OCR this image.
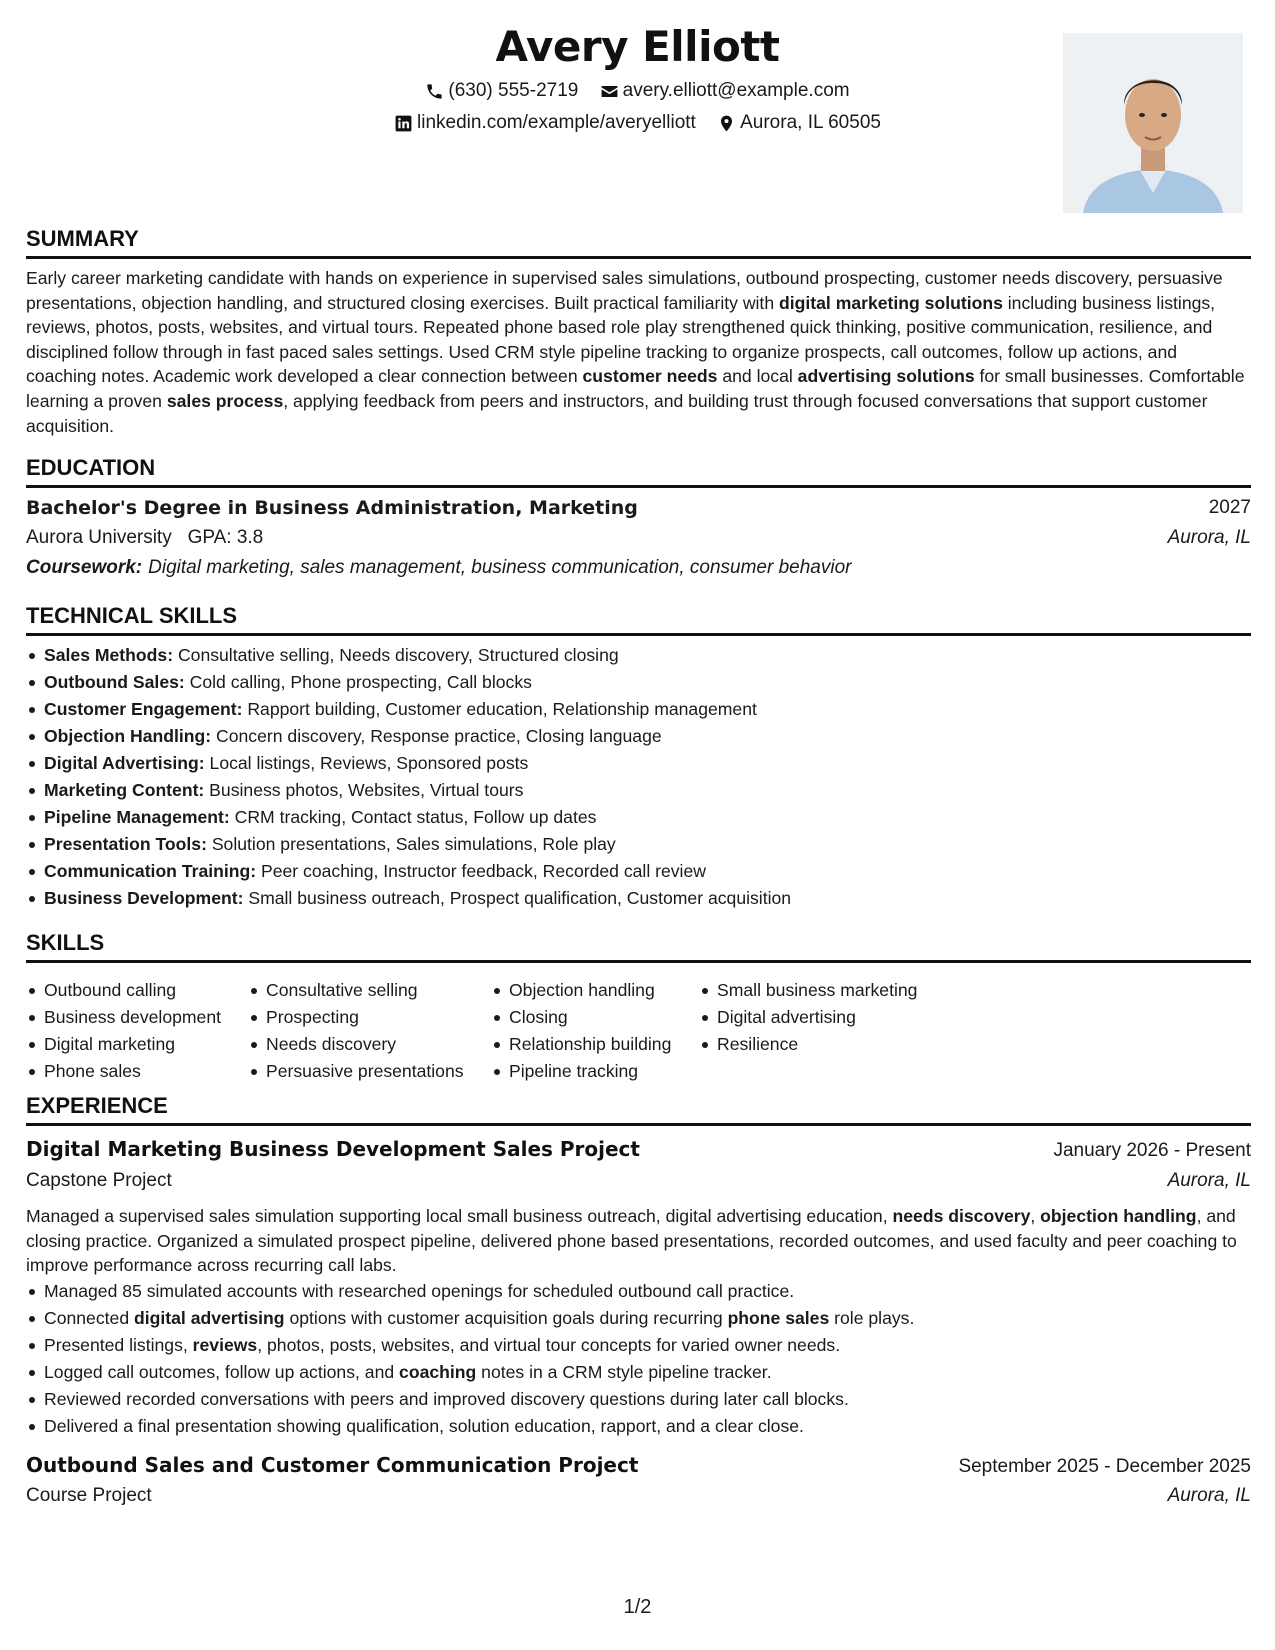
Avery Elliott
(630) 555-2719
avery.elliott@example.com
linkedin.com/example/averyelliott
Aurora, IL 60505
SUMMARY
Early career marketing candidate with hands on experience in supervised sales simulations, outbound prospecting, customer needs discovery, persuasive presentations, objection handling, and structured closing exercises. Built practical familiarity with digital marketing solutions including business listings, reviews, photos, posts, websites, and virtual tours. Repeated phone based role play strengthened quick thinking, positive communication, resilience, and disciplined follow through in fast paced sales settings. Used CRM style pipeline tracking to organize prospects, call outcomes, follow up actions, and coaching notes. Academic work developed a clear connection between customer needs and local advertising solutions for small businesses. Comfortable learning a proven sales process, applying feedback from peers and instructors, and building trust through focused conversations that support customer acquisition.
EDUCATION
Bachelor's Degree in Business Administration, Marketing	2027
Aurora University GPA: 3.8	Aurora, IL
Coursework: Digital marketing, sales management, business communication, consumer behavior
TECHNICAL SKILLS
Sales Methods: Consultative selling, Needs discovery, Structured closing
Outbound Sales: Cold calling, Phone prospecting, Call blocks
Customer Engagement: Rapport building, Customer education, Relationship management
Objection Handling: Concern discovery, Response practice, Closing language
Digital Advertising: Local listings, Reviews, Sponsored posts
Marketing Content: Business photos, Websites, Virtual tours
Pipeline Management: CRM tracking, Contact status, Follow up dates
Presentation Tools: Solution presentations, Sales simulations, Role play
Communication Training: Peer coaching, Instructor feedback, Recorded call review
Business Development: Small business outreach, Prospect qualification, Customer acquisition
SKILLS
Outbound calling
Business development
Digital marketing
Phone sales
Consultative selling
Prospecting
Needs discovery
Persuasive presentations
Objection handling
Closing
Relationship building
Pipeline tracking
Small business marketing
Digital advertising
Resilience
EXPERIENCE
Digital Marketing Business Development Sales Project	January 2026 - Present
Capstone Project	Aurora, IL
Managed a supervised sales simulation supporting local small business outreach, digital advertising education, needs discovery, objection handling, and closing practice. Organized a simulated prospect pipeline, delivered phone based presentations, recorded outcomes, and used faculty and peer coaching to improve performance across recurring call labs.
Managed 85 simulated accounts with researched openings for scheduled outbound call practice.
Connected digital advertising options with customer acquisition goals during recurring phone sales role plays.
Presented listings, reviews, photos, posts, websites, and virtual tour concepts for varied owner needs.
Logged call outcomes, follow up actions, and coaching notes in a CRM style pipeline tracker.
Reviewed recorded conversations with peers and improved discovery questions during later call blocks.
Delivered a final presentation showing qualification, solution education, rapport, and a clear close.
Outbound Sales and Customer Communication Project	September 2025 - December 2025
Course Project	Aurora, IL
1/2
